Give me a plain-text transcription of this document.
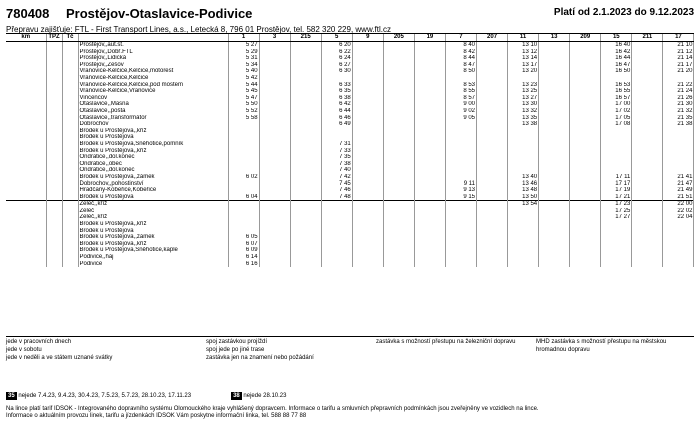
780408 Prostějov-Otaslavice-Podivice	Platí od 2.1.2023 do 9.12.2023
Přepravu zajišťuje: FTL - First Transport Lines, a.s., Letecká 8, 796 01 Prostějov, tel. 582 320 229, www.ftl.cz
km	TPZ	Tč		1	3	215	5	9	205	19	7	207	11	13	209	15	211	17
			Prostějov,,aut.st.	5 27			6 20				8 40		13 10			16 40		21 10
			Prostějov,,Dobř.FTL	5 29			6 22				8 42		13 12			16 42		21 12
			Prostějov,,Lidická	5 31			6 24				8 44		13 14			16 44		21 14
			Prostějov,,Žešov	5 34			6 27				8 47		13 17			16 47		21 17
			Vranovice-Kelčice,Kelčice,motorest	5 40			6 30				8 50		13 20			16 50		21 20
			Vranovice-Kelčice,Kelčice	5 42														
			Vranovice-Kelčice,Kelčice,pod mostem	5 44			6 33				8 53		13 23			16 53		21 22
			Vranovice-Kelčice,Vranovice	5 45			6 35				8 55		13 25			16 55		21 24
			Vincencov	5 47			6 38				8 57		13 27			16 57		21 26
			Otaslavice,,Masna	5 50			6 42				9 00		13 30			17 00		21 30
			Otaslavice,,pošta	5 52			6 44				9 02		13 32			17 02		21 32
			Otaslavice,,transformátor	5 58			6 46				9 05		13 35			17 05		21 35
			Dobrochov				6 49						13 38			17 08		21 38
			Brodek u Prostějova,,kříž															
			Brodek u Prostějova															
			Brodek u Prostějova,Sněhotice,pomník				7 31											
			Brodek u Prostějova,,kříž				7 33											
			Ondratice,,dol.konec				7 35											
			Ondratice,,obec				7 38											
			Ondratice,,dol.konec				7 40											
			Brodek u Prostějova,,zámek	6 02			7 42						13 40			17 11		21 41
			Dobrochov,,pohostinství				7 45				9 11		13 46			17 17		21 47
			Hradčany-Kobeřice,Kobeřice				7 46				9 13		13 48			17 19		21 49
			Brodek u Prostějova	6 04			7 48				9 15		13 50			17 21		21 51
			Želeč,,kříž										13 54			17 23		22 00
			Želeč													17 25		22 02
			Želeč,,kříž													17 27		22 04
			Brodek u Prostějova,,kříž															
			Brodek u Prostějova															
			Brodek u Prostějova,,zámek	6 05														
			Brodek u Prostějova,,kříž	6 07														
			Brodek u Prostějova,Sněhotice,kaple	6 09														
			Podivice,,háj	6 14														
			Podivice	6 16														
jede v pracovních dnech
jede v sobotu
jede v neděli a ve státem uznané svátky
spoj zastávkou projíždí
spoj jede po jiné trase
zastávka jen na znamení nebo požádání
zastávka s možností přestupu na železniční dopravu	MHD zastávka s možností přestupu na městskou hromadnou dopravu
35 nejede 7.4.23, 9.4.23, 30.4.23, 7.5.23, 5.7.23, 28.10.23, 17.11.23	38 nejede 28.10.23
Na lince platí tarif IDSOK - Integrovaného dopravního systému Olomouckého kraje vyhlášený dopravcem. Informace o tarifu a smluvních přepravních podmínkách jsou zveřejněny ve vozidlech na lince.
Informace o aktuálním provozu linek, tarifu a jízdenkách IDSOK Vám poskytne informační linka, tel. 588 88 77 88
